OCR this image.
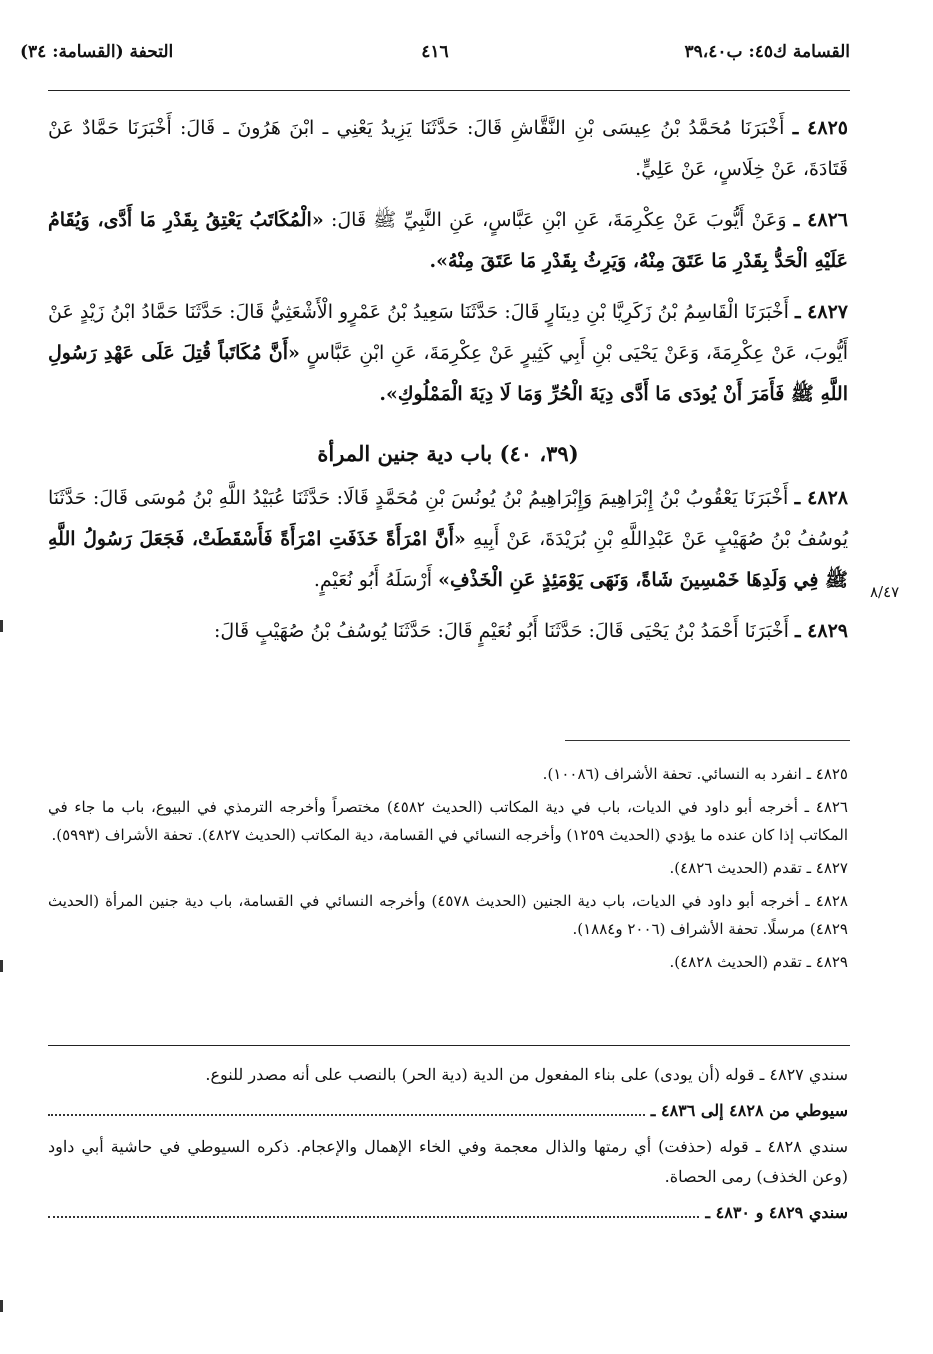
القسامة ك٤٥: ب٣٩،٤٠
٤١٦
التحفة (القسامة: ٣٤)
٨/٤٧

٤٨٢٥ ـ أَخْبَرَنَا مُحَمَّدُ بْنُ عِيسَى بْنِ النَّقَّاشِ قَالَ: حَدَّثَنَا يَزِيدُ يَعْنِي ـ ابْنَ هَرُونَ ـ قَالَ: أَخْبَرَنَا حَمَّادٌ عَنْ قَتَادَةَ، عَنْ خِلَاسٍ، عَنْ عَلِيٍّ.

٤٨٢٦ ـ وَعَنْ أَيُّوبَ عَنْ عِكْرِمَةَ، عَنِ ابْنِ عَبَّاسٍ، عَنِ النَّبِيِّ ﷺ قَالَ: «الْمُكَاتَبُ يَعْتِقُ بِقَدْرِ مَا أَدَّى، وَيُقَامُ عَلَيْهِ الْحَدُّ بِقَدْرِ مَا عَتَقَ مِنْهُ، وَيَرِثُ بِقَدْرِ مَا عَتَقَ مِنْهُ».

٤٨٢٧ ـ أَخْبَرَنَا الْقَاسِمُ بْنُ زَكَرِيَّا بْنِ دِينَارٍ قَالَ: حَدَّثَنَا سَعِيدُ بْنُ عَمْرٍو الْأَشْعَثِيُّ قَالَ: حَدَّثَنَا حَمَّادُ ابْنُ زَيْدٍ عَنْ أَيُّوبَ، عَنْ عِكْرِمَةَ، وَعَنْ يَحْيَى بْنِ أَبِي كَثِيرٍ عَنْ عِكْرِمَةَ، عَنِ ابْنِ عَبَّاسٍ «أَنَّ مُكَاتَباً قُتِلَ عَلَى عَهْدِ رَسُولِ اللَّهِ ﷺ فَأَمَرَ أَنْ يُودَى مَا أَدَّى دِيَةَ الْحُرِّ وَمَا لَا دِيَةَ الْمَمْلُوكِ».

(٣٩، ٤٠) باب دية جنين المرأة

٤٨٢٨ ـ أَخْبَرَنَا يَعْقُوبُ بْنُ إِبْرَاهِيمَ وَإِبْرَاهِيمُ بْنُ يُونُسَ بْنِ مُحَمَّدٍ قَالَا: حَدَّثَنَا عُبَيْدُ اللَّهِ بْنُ مُوسَى قَالَ: حَدَّثَنَا يُوسُفُ بْنُ صُهَيْبٍ عَنْ عَبْدِاللَّهِ بْنِ بُرَيْدَةَ، عَنْ أَبِيهِ «أَنَّ امْرَأَةً خَذَفَتِ امْرَأَةً فَأَسْقَطَتْ، فَجَعَلَ رَسُولُ اللَّهِ ﷺ فِي وَلَدِهَا خَمْسِينَ شَاةً، وَنَهَى يَوْمَئِذٍ عَنِ الْخَذْفِ» أَرْسَلَهُ أَبُو نُعَيْمٍ.

٤٨٢٩ ـ أَخْبَرَنَا أَحْمَدُ بْنُ يَحْيَى قَالَ: حَدَّثَنَا أَبُو نُعَيْمٍ قَالَ: حَدَّثَنَا يُوسُفُ بْنُ صُهَيْبٍ قَالَ:

٤٨٢٥ ـ انفرد به النسائي. تحفة الأشراف (١٠٠٨٦).

٤٨٢٦ ـ أخرجه أبو داود في الديات، باب في دية المكاتب (الحديث ٤٥٨٢) مختصراً وأخرجه الترمذي في البيوع، باب ما جاء في المكاتب إذا كان عنده ما يؤدي (الحديث ١٢٥٩) وأخرجه النسائي في القسامة، دية المكاتب (الحديث ٤٨٢٧). تحفة الأشراف (٥٩٩٣).

٤٨٢٧ ـ تقدم (الحديث ٤٨٢٦).

٤٨٢٨ ـ أخرجه أبو داود في الديات، باب دية الجنين (الحديث ٤٥٧٨) وأخرجه النسائي في القسامة، باب دية جنين المرأة (الحديث ٤٨٢٩) مرسلًا. تحفة الأشراف (٢٠٠٦ و١٨٨٤).

٤٨٢٩ ـ تقدم (الحديث ٤٨٢٨).

سندي ٤٨٢٧ ـ قوله (أن يودى) على بناء المفعول من الدية (دية الحر) بالنصب على أنه مصدر للنوع.

سيوطي من ٤٨٢٨ إلى ٤٨٣٦ ـ

سندي ٤٨٢٨ ـ قوله (حذفت) أي رمتها والذال معجمة وفي الخاء الإهمال والإعجام. ذكره السيوطي في حاشية أبي داود (وعن الخذف) رمى الحصاة.

سندي ٤٨٢٩ و ٤٨٣٠ ـ
